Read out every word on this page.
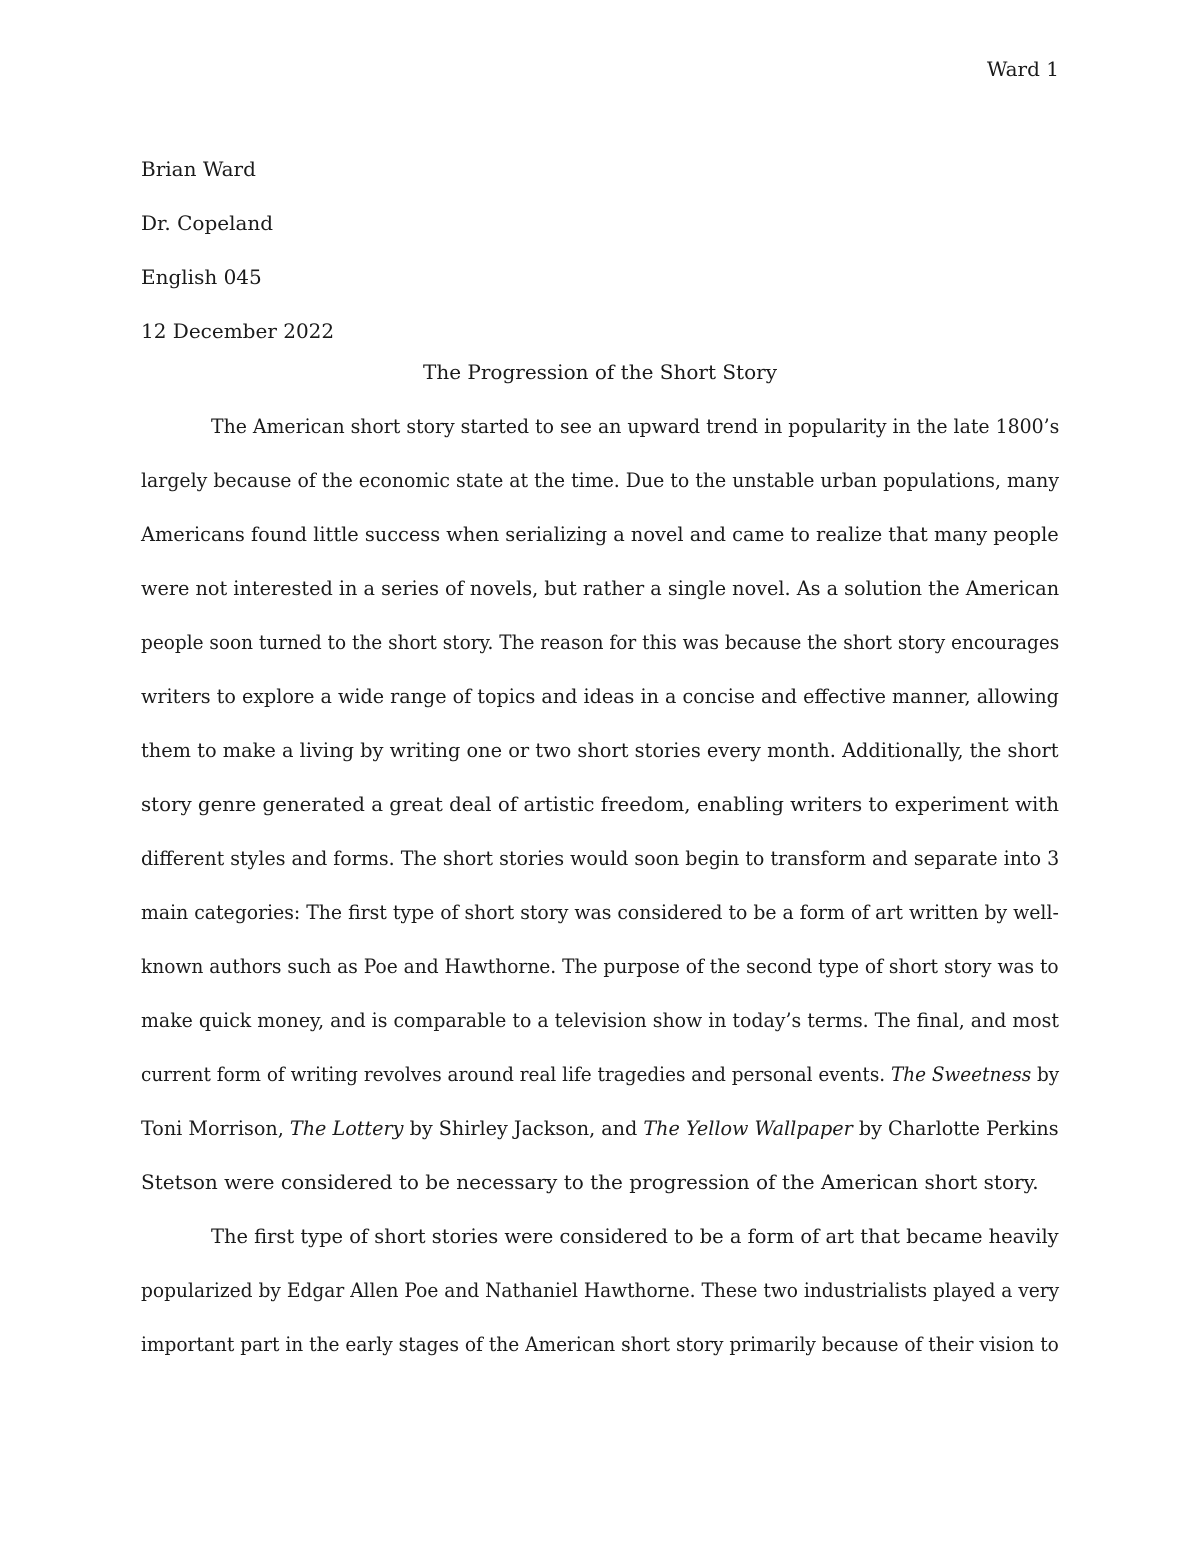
Ward 1
Brian Ward
Dr. Copeland
English 045
12 December 2022
The Progression of the Short Story
The American short story started to see an upward trend in popularity in the late 1800’s
largely because of the economic state at the time. Due to the unstable urban populations, many
Americans found little success when serializing a novel and came to realize that many people
were not interested in a series of novels, but rather a single novel. As a solution the American
people soon turned to the short story. The reason for this was because the short story encourages
writers to explore a wide range of topics and ideas in a concise and effective manner, allowing
them to make a living by writing one or two short stories every month. Additionally, the short
story genre generated a great deal of artistic freedom, enabling writers to experiment with
different styles and forms. The short stories would soon begin to transform and separate into 3
main categories: The first type of short story was considered to be a form of art written by well-
known authors such as Poe and Hawthorne. The purpose of the second type of short story was to
make quick money, and is comparable to a television show in today’s terms. The final, and most
current form of writing revolves around real life tragedies and personal events. The Sweetness by
Toni Morrison, The Lottery by Shirley Jackson, and The Yellow Wallpaper by Charlotte Perkins
Stetson were considered to be necessary to the progression of the American short story.
The first type of short stories were considered to be a form of art that became heavily
popularized by Edgar Allen Poe and Nathaniel Hawthorne. These two industrialists played a very
important part in the early stages of the American short story primarily because of their vision to
